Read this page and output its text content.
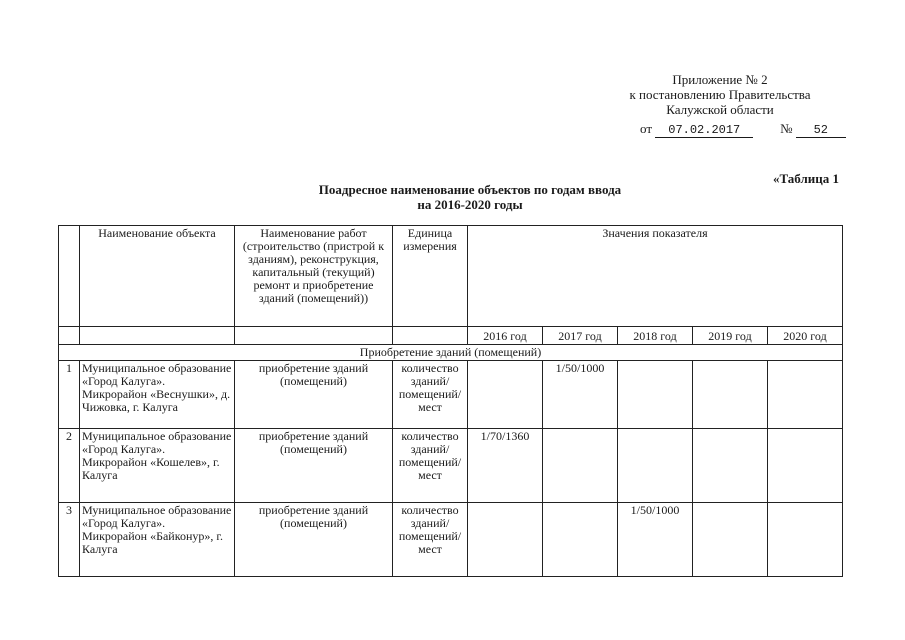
Приложение № 2
к постановлению Правительства
Калужской области
от 07.02.2017	№ 52
«Таблица 1
Поадресное наименование объектов по годам ввода
на 2016-2020 годы
	Наименование объекта	Наименование работ (строительство (пристрой к зданиям), реконструкция, капитальный (текущий) ремонт и приобретение зданий (помещений))	Единица измерения	Значения показателя				
				2016 год	2017 год	2018 год	2019 год	2020 год
Приобретение зданий (помещений)								
1	Муниципальное образование «Город Калуга». Микрорайон «Веснушки», д. Чижовка, г. Калуга	приобретение зданий (помещений)	количество зданий/ помещений/ мест		1/50/1000			
2	Муниципальное образование «Город Калуга». Микрорайон «Кошелев», г. Калуга	приобретение зданий (помещений)	количество зданий/ помещений/ мест	1/70/1360				
3	Муниципальное образование «Город Калуга». Микрорайон «Байконур», г. Калуга	приобретение зданий (помещений)	количество зданий/ помещений/ мест			1/50/1000		
